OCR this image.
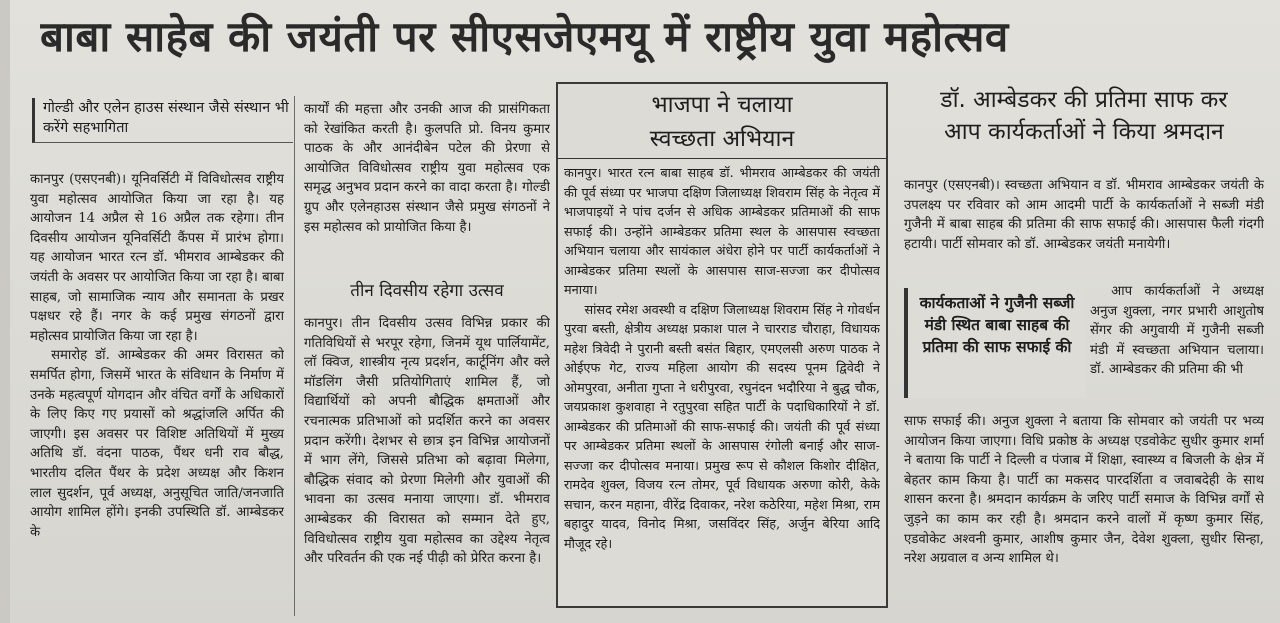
बाबा साहेब की जयंती पर सीएसजेएमयू में राष्ट्रीय युवा महोत्सव
गोल्डी और एलेन हाउस संस्थान जैसे संस्थान भी करेंगे सहभागिता

कानपुर (एसएनबी)। यूनिवर्सिटी में विविधोत्सव राष्ट्रीय युवा महोत्सव आयोजित किया जा रहा है। यह आयोजन 14 अप्रैल से 16 अप्रैल तक रहेगा। तीन दिवसीय आयोजन यूनिवर्सिटी कैंपस में प्रारंभ होगा। यह आयोजन भारत रत्न डॉ. भीमराव आम्बेडकर की जयंती के अवसर पर आयोजित किया जा रहा है। बाबा साहब, जो सामाजिक न्याय और समानता के प्रखर पक्षधर रहे हैं। नगर के कई प्रमुख संगठनों द्वारा महोत्सव प्रायोजित किया जा रहा है।

समारोह डॉ. आम्बेडकर की अमर विरासत को समर्पित होगा, जिसमें भारत के संविधान के निर्माण में उनके महत्वपूर्ण योगदान और वंचित वर्गों के अधिकारों के लिए किए गए प्रयासों को श्रद्धांजलि अर्पित की जाएगी। इस अवसर पर विशिष्ट अतिथियों में मुख्य अतिथि डॉ. वंदना पाठक, पैंथर धनी राव बौद्ध, भारतीय दलित पैंथर के प्रदेश अध्यक्ष और किशन लाल सुदर्शन, पूर्व अध्यक्ष, अनुसूचित जाति/जनजाति आयोग शामिल होंगे। इनकी उपस्थिति डॉ. आम्बेडकर के

कार्यों की महत्ता और उनकी आज की प्रासंगिकता को रेखांकित करती है। कुलपति प्रो. विनय कुमार पाठक के और आनंदीबेन पटेल की प्रेरणा से आयोजित विविधोत्सव राष्ट्रीय युवा महोत्सव एक समृद्ध अनुभव प्रदान करने का वादा करता है। गोल्डी ग्रुप और एलेनहाउस संस्थान जैसे प्रमुख संगठनों ने इस महोत्सव को प्रायोजित किया है।

तीन दिवसीय रहेगा उत्सव

कानपुर। तीन दिवसीय उत्सव विभिन्न प्रकार की गतिविधियों से भरपूर रहेगा, जिनमें यूथ पार्लियामेंट, लॉ क्विज, शास्त्रीय नृत्य प्रदर्शन, कार्टूनिंग और क्ले मॉडलिंग जैसी प्रतियोगिताएं शामिल हैं, जो विद्यार्थियों को अपनी बौद्धिक क्षमताओं और रचनात्मक प्रतिभाओं को प्रदर्शित करने का अवसर प्रदान करेंगी। देशभर से छात्र इन विभिन्न आयोजनों में भाग लेंगे, जिससे प्रतिभा को बढ़ावा मिलेगा, बौद्धिक संवाद को प्रेरणा मिलेगी और युवाओं की भावना का उत्सव मनाया जाएगा। डॉ. भीमराव आम्बेडकर की विरासत को सम्मान देते हुए, विविधोत्सव राष्ट्रीय युवा महोत्सव का उद्देश्य नेतृत्व और परिवर्तन की एक नई पीढ़ी को प्रेरित करना है।

भाजपा ने चलाया
स्वच्छता अभियान

कानपुर। भारत रत्न बाबा साहब डॉ. भीमराव आम्बेडकर की जयंती की पूर्व संध्या पर भाजपा दक्षिण जिलाध्यक्ष शिवराम सिंह के नेतृत्व में भाजपाइयों ने पांच दर्जन से अधिक आम्बेडकर प्रतिमाओं की साफ सफाई की। उन्होंने आम्बेडकर प्रतिमा स्थल के आसपास स्वच्छता अभियान चलाया और सायंकाल अंधेरा होने पर पार्टी कार्यकर्ताओं ने आम्बेडकर प्रतिमा स्थलों के आसपास साज-सज्जा कर दीपोत्सव मनाया।

सांसद रमेश अवस्थी व दक्षिण जिलाध्यक्ष शिवराम सिंह ने गोवर्धन पुरवा बस्ती, क्षेत्रीय अध्यक्ष प्रकाश पाल ने चारराड चौराहा, विधायक महेश त्रिवेदी ने पुरानी बस्ती बसंत बिहार, एमएलसी अरुण पाठक ने ओईएफ गेट, राज्य महिला आयोग की सदस्य पूनम द्विवेदी ने ओमपुरवा, अनीता गुप्ता ने धरीपुरवा, रघुनंदन भदौरिया ने बुद्ध चौक, जयप्रकाश कुशवाहा ने रतुपुरवा सहित पार्टी के पदाधिकारियों ने डॉ. आम्बेडकर की प्रतिमाओं की साफ-सफाई की। जयंती की पूर्व संध्या पर आम्बेडकर प्रतिमा स्थलों के आसपास रंगोली बनाई और साज-सज्जा कर दीपोत्सव मनाया। प्रमुख रूप से कौशल किशोर दीक्षित, रामदेव शुक्ल, विजय रत्न तोमर, पूर्व विधायक अरुणा कोरी, केके सचान, करन महाना, वीरेंद्र दिवाकर, नरेश कठेरिया, महेश मिश्रा, राम बहादुर यादव, विनोद मिश्रा, जसविंदर सिंह, अर्जुन बेरिया आदि मौजूद रहे।

डॉ. आम्बेडकर की प्रतिमा साफ कर
आप कार्यकर्ताओं ने किया श्रमदान

कानपुर (एसएनबी)। स्वच्छता अभियान व डॉ. भीमराव आम्बेडकर जयंती के उपलक्ष्य पर रविवार को आम आदमी पार्टी के कार्यकर्ताओं ने सब्जी मंडी गुजैनी में बाबा साहब की प्रतिमा की साफ सफाई की। आसपास फैली गंदगी हटायी। पार्टी सोमवार को डॉ. आम्बेडकर जयंती मनायेगी।

कार्यकताओं ने गुजैनी सब्जी मंडी स्थित बाबा साहब की प्रतिमा की साफ सफाई की

आप कार्यकर्ताओं ने अध्यक्ष अनुज शुक्ला, नगर प्रभारी आशुतोष सेंगर की अगुवायी में गुजैनी सब्जी मंडी में स्वच्छता अभियान चलाया। डॉ. आम्बेडकर की प्रतिमा की भी

साफ सफाई की। अनुज शुक्ला ने बताया कि सोमवार को जयंती पर भव्य आयोजन किया जाएगा। विधि प्रकोष्ठ के अध्यक्ष एडवोकेट सुधीर कुमार शर्मा ने बताया कि पार्टी ने दिल्ली व पंजाब में शिक्षा, स्वास्थ्य व बिजली के क्षेत्र में बेहतर काम किया है। पार्टी का मकसद पारदर्शिता व जवाबदेही के साथ शासन करना है। श्रमदान कार्यक्रम के जरिए पार्टी समाज के विभिन्न वर्गों से जुड़ने का काम कर रही है। श्रमदान करने वालों में कृष्ण कुमार सिंह, एडवोकेट अश्वनी कुमार, आशीष कुमार जैन, देवेश शुक्ला, सुधीर सिन्हा, नरेश अग्रवाल व अन्य शामिल थे।
